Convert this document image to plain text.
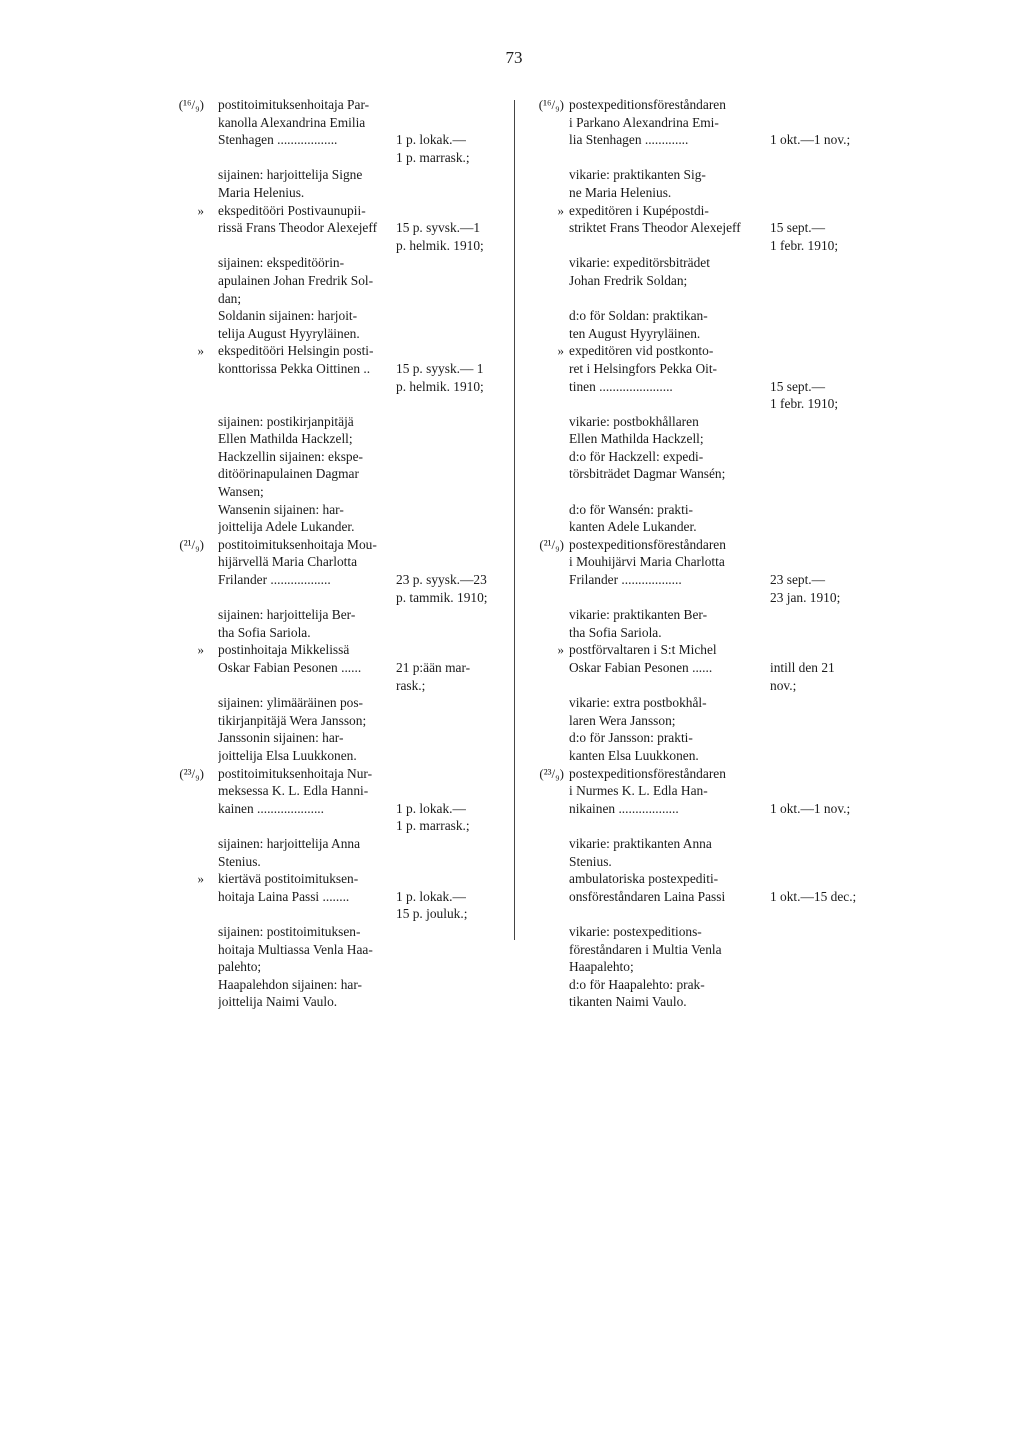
73
(¹⁶/₉) postitoimituksenhoitaja Par-
kanolla Alexandrina Emilia
Stenhagen ..................	1 p. lokak.—
1 p. marrask.;
sijainen: harjoittelija Signe
Maria Helenius.
» ekspeditööri Postivaunupii-
rissä Frans Theodor Alexejeff	15 p. syvsk.—1
p. helmik. 1910;
sijainen: ekspeditöörin-
apulainen Johan Fredrik Sol-
dan;
Soldanin sijainen: harjoit-
telija August Hyyryläinen.
» ekspeditööri Helsingin posti-
konttorissa Pekka Oittinen ..	15 p. syysk.— 1
p. helmik. 1910;

sijainen: postikirjanpitäjä
Ellen Mathilda Hackzell;
Hackzellin sijainen: ekspe-
ditöörinapulainen Dagmar
Wansen;
Wansenin sijainen: har-
joittelija Adele Lukander.
(²¹/₉) postitoimituksenhoitaja Mou-
hijärvellä Maria Charlotta
Frilander ..................	23 p. syysk.—23
p. tammik. 1910;
sijainen: harjoittelija Ber-
tha Sofia Sariola.
» postinhoitaja Mikkelissä
Oskar Fabian Pesonen ......	21 p:ään mar-
rask.;
sijainen: ylimääräinen pos-
tikirjanpitäjä Wera Jansson;
Janssonin sijainen: har-
joittelija Elsa Luukkonen.
(²³/₉) postitoimituksenhoitaja Nur-
meksessa K. L. Edla Hanni-
kainen ....................	1 p. lokak.—
1 p. marrask.;
sijainen: harjoittelija Anna
Stenius.
» kiertävä postitoimituksen-
hoitaja Laina Passi ........	1 p. lokak.—
15 p. jouluk.;
sijainen: postitoimituksen-
hoitaja Multiassa Venla Haa-
palehto;
Haapalehdon sijainen: har-
joittelija Naimi Vaulo.
(¹⁶/₉) postexpeditionsföreståndaren
i Parkano Alexandrina Emi-
lia Stenhagen .............	1 okt.—1 nov.;

vikarie: praktikanten Sig-
ne Maria Helenius.
» expeditören i Kupépostdi-
striktet Frans Theodor Alexejeff	15 sept.—
1 febr. 1910;
vikarie: expeditörsbiträdet
Johan Fredrik Soldan;

d:o för Soldan: praktikan-
ten August Hyyryläinen.
» expeditören vid postkonto-
ret i Helsingfors Pekka Oit-
tinen ......................	15 sept.—
1 febr. 1910;
vikarie: postbokhållaren
Ellen Mathilda Hackzell;
d:o för Hackzell: expedi-
törsbiträdet Dagmar Wansén;

d:o för Wansén: prakti-
kanten Adele Lukander.
(²¹/₉) postexpeditionsföreståndaren
i Mouhijärvi Maria Charlotta
Frilander ..................	23 sept.—
23 jan. 1910;
vikarie: praktikanten Ber-
tha Sofia Sariola.
» postförvaltaren i S:t Michel
Oskar Fabian Pesonen ......	intill den 21
nov.;
vikarie: extra postbokhål-
laren Wera Jansson;
d:o för Jansson: prakti-
kanten Elsa Luukkonen.
(²³/₉) postexpeditionsföreståndaren
i Nurmes K. L. Edla Han-
nikainen ..................	1 okt.—1 nov.;

vikarie: praktikanten Anna
Stenius.
ambulatoriska postexpediti-
onsföreståndaren Laina Passi	1 okt.—15 dec.;

vikarie: postexpeditions-
föreståndaren i Multia Venla
Haapalehto;
d:o för Haapalehto: prak-
tikanten Naimi Vaulo.
